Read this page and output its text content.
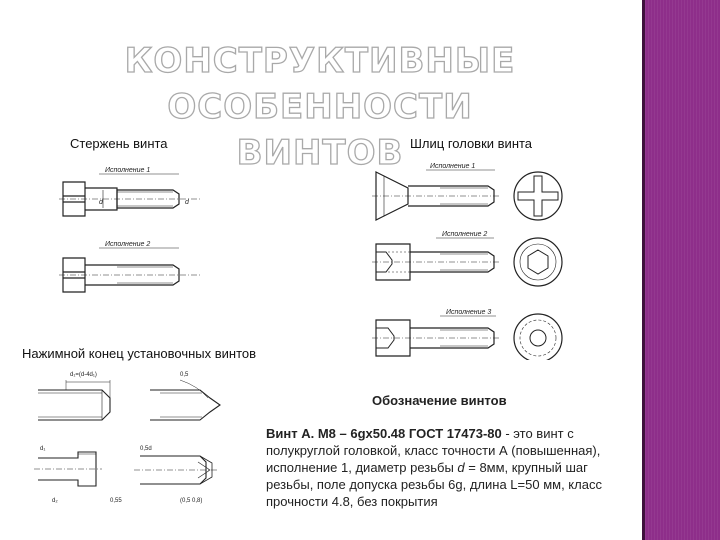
КОНСТРУКТИВНЫЕ
ОСОБЕННОСТИ ВИНТОВ
Стержень винта	Шлиц головки винта
Нажимной конец установочных винтов
Исполнение 1
d	d
Исполнение 2
Исполнение 1
Исполнение 2
Исполнение 3
d₁=(d-4d₁)	0,5
d₁
d₂
0,5d
(0,5 0,8)
0,55
Обозначение винтов

Винт А. М8 – 6gх50.48 ГОСТ 17473-80 - это винт с полукруглой головкой, класс точности А (повышенная), исполнение 1, диаметр резьбы d = 8мм, крупный шаг резьбы, поле допуска резьбы 6g, длина L=50 мм, класс прочности 4.8, без покрытия
